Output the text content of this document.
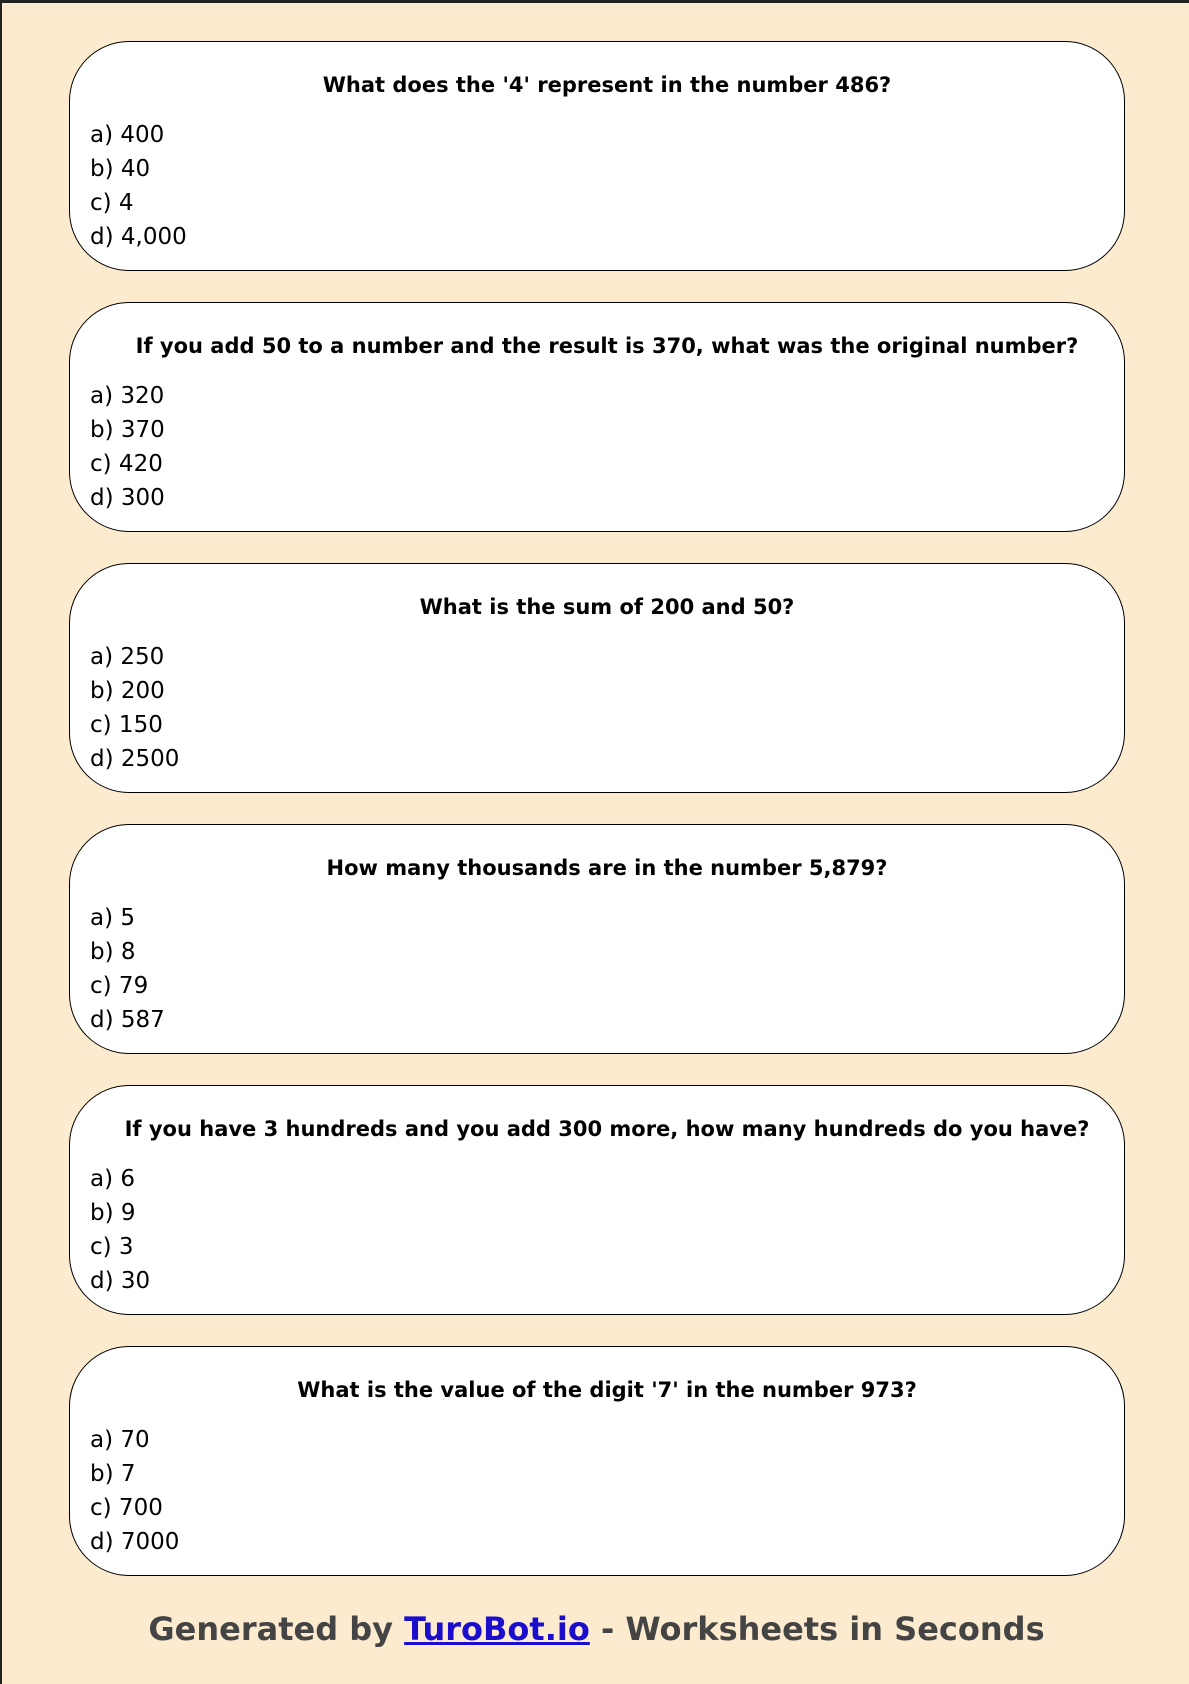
What does the '4' represent in the number 486?

a) 400
b) 40
c) 4
d) 4,000

If you add 50 to a number and the result is 370, what was the original number?

a) 320
b) 370
c) 420
d) 300

What is the sum of 200 and 50?

a) 250
b) 200
c) 150
d) 2500

How many thousands are in the number 5,879?

a) 5
b) 8
c) 79
d) 587

If you have 3 hundreds and you add 300 more, how many hundreds do you have?

a) 6
b) 9
c) 3
d) 30

What is the value of the digit '7' in the number 973?

a) 70
b) 7
c) 700
d) 7000
Generated by TuroBot.io - Worksheets in Seconds
